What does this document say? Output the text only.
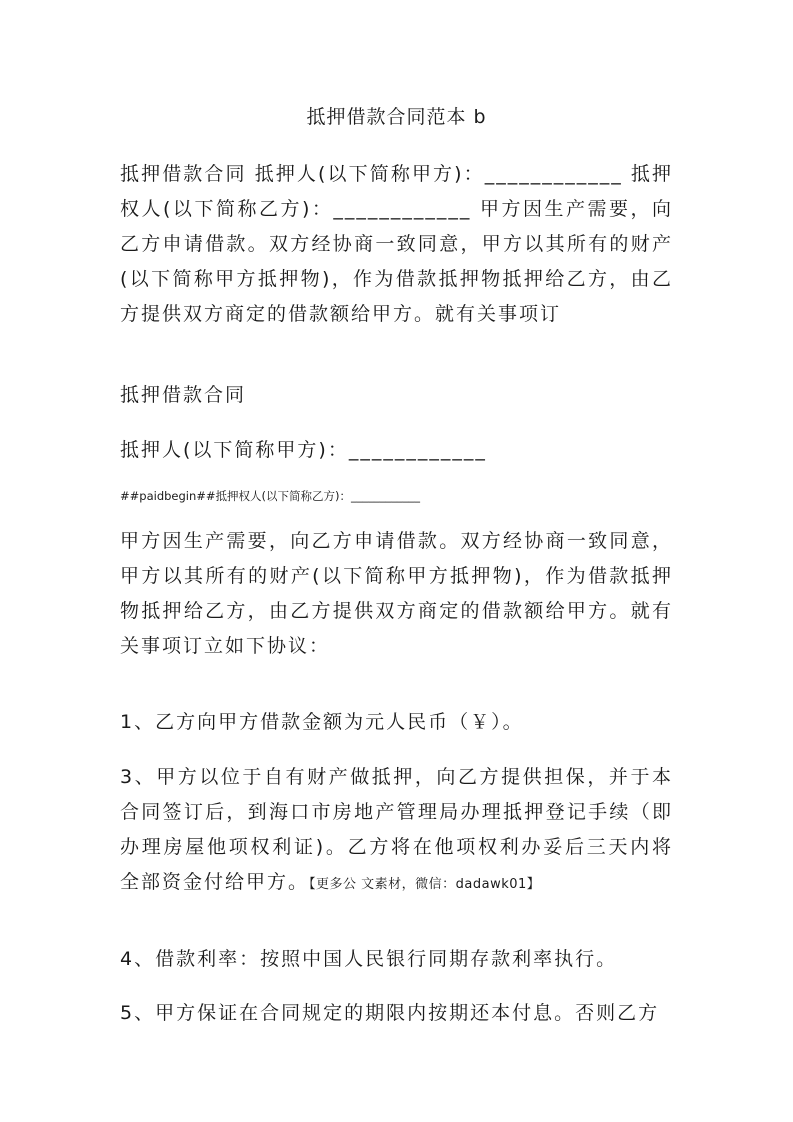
抵押借款合同范本 b
抵押借款合同 抵押人(以下简称甲方)：____________ 抵押权人(以下简称乙方)：____________ 甲方因生产需要，向乙方申请借款。双方经协商一致同意，甲方以其所有的财产(以下简称甲方抵押物)，作为借款抵押物抵押给乙方，由乙方提供双方商定的借款额给甲方。就有关事项订
抵押借款合同
抵押人(以下简称甲方)：____________
##paidbegin##抵押权人(以下简称乙方)：____________
甲方因生产需要，向乙方申请借款。双方经协商一致同意，甲方以其所有的财产(以下简称甲方抵押物)，作为借款抵押物抵押给乙方，由乙方提供双方商定的借款额给甲方。就有关事项订立如下协议：
1、乙方向甲方借款金额为元人民币（￥）。
3、甲方以位于自有财产做抵押，向乙方提供担保，并于本合同签订后，到海口市房地产管理局办理抵押登记手续（即办理房屋他项权利证)。乙方将在他项权利办妥后三天内将全部资金付给甲方。【更多公 文素材，微信：dadawk01】
4、借款利率：按照中国人民银行同期存款利率执行。
5、甲方保证在合同规定的期限内按期还本付息。否则乙方
